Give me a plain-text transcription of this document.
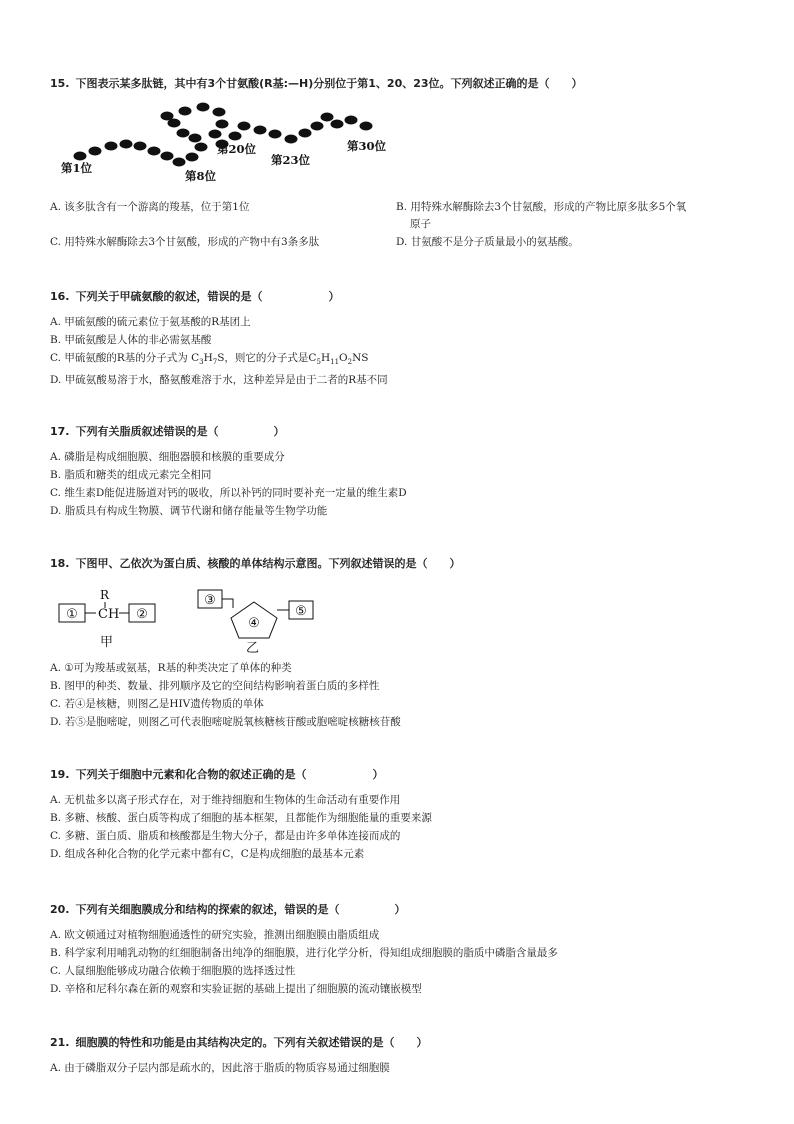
15. 下图表示某多肽链，其中有3个甘氨酸(R基:—H)分别位于第1、20、23位。下列叙述正确的是（　　）
第1位
第8位
第20位
第23位
第30位
A. 该多肽含有一个游离的羧基，位于第1位	B. 用特殊水解酶除去3个甘氨酸，形成的产物比原多肽多5个氧
原子
C. 用特殊水解酶除去3个甘氨酸，形成的产物中有3条多肽	D. 甘氨酸不是分子质量最小的氨基酸。
16. 下列关于甲硫氨酸的叙述，错误的是（　　　　　　）
A. 甲硫氨酸的硫元素位于氨基酸的R基团上
B. 甲硫氨酸是人体的非必需氨基酸
C. 甲硫氨酸的R基的分子式为 $C_3H_7S$，则它的分子式是$C_5H_{11}O_2NS$
D. 甲硫氨酸易溶于水，酪氨酸难溶于水，这种差异是由于二者的R基不同
17. 下列有关脂质叙述错误的是（　　　　　）
A. 磷脂是构成细胞膜、细胞器膜和核膜的重要成分
B. 脂质和糖类的组成元素完全相同
C. 维生素D能促进肠道对钙的吸收，所以补钙的同时要补充一定量的维生素D
D. 脂质具有构成生物膜、调节代谢和储存能量等生物学功能
18. 下图甲、乙依次为蛋白质、核酸的单体结构示意图。下列叙述错误的是（　　）
① CH
R
②
甲
③
④
⑤
乙
A. ①可为羧基或氨基，R基的种类决定了单体的种类
B. 图甲的种类、数量、排列顺序及它的空间结构影响着蛋白质的多样性
C. 若④是核糖，则图乙是HIV遗传物质的单体
D. 若⑤是胞嘧啶，则图乙可代表胞嘧啶脱氧核糖核苷酸或胞嘧啶核糖核苷酸
19. 下列关于细胞中元素和化合物的叙述正确的是（　　　　　　）
A. 无机盐多以离子形式存在，对于维持细胞和生物体的生命活动有重要作用
B. 多糖、核酸、蛋白质等构成了细胞的基本框架，且都能作为细胞能量的重要来源
C. 多糖、蛋白质、脂质和核酸都是生物大分子，都是由许多单体连接而成的
D. 组成各种化合物的化学元素中都有C，C是构成细胞的最基本元素
20. 下列有关细胞膜成分和结构的探索的叙述，错误的是（　　　　　）
A. 欧文顿通过对植物细胞通透性的研究实验，推测出细胞膜由脂质组成
B. 科学家利用哺乳动物的红细胞制备出纯净的细胞膜，进行化学分析，得知组成细胞膜的脂质中磷脂含量最多
C. 人鼠细胞能够成功融合依赖于细胞膜的选择透过性
D. 辛格和尼科尔森在新的观察和实验证据的基础上提出了细胞膜的流动镶嵌模型
21. 细胞膜的特性和功能是由其结构决定的。下列有关叙述错误的是（　　）
A. 由于磷脂双分子层内部是疏水的，因此溶于脂质的物质容易通过细胞膜
